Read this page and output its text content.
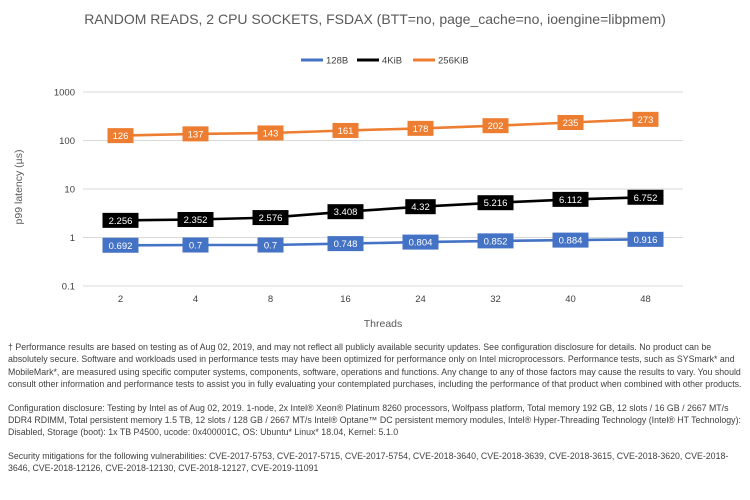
RANDOM READS, 2 CPU SOCKETS, FSDAX (BTT=no, page_cache=no, ioengine=libpmem)
128B	4KiB	256KiB
0.1
1
10
100
1000
2	4	8	16	24	32	40	48
0.692	0.7	0.7	0.748	0.804	0.852	0.884	0.916
2.256	2.352	2.576
3.408	4.32	5.216	6.112	6.752
126	137	143	161	178	202	235	273
p99 latency (µs)
Threads

† Performance results are based on testing as of Aug 02, 2019, and may not reflect all publicly available security updates. See configuration disclosure for details. No product can be absolutely secure. Software and workloads used in performance tests may have been optimized for performance only on Intel microprocessors. Performance tests, such as SYSmark* and MobileMark*, are measured using specific computer systems, components, software, operations and functions. Any change to any of those factors may cause the results to vary. You should consult other information and performance tests to assist you in fully evaluating your contemplated purchases, including the performance of that product when combined with other products.

Configuration disclosure: Testing by Intel as of Aug 02, 2019. 1-node, 2x Intel® Xeon® Platinum 8260 processors, Wolfpass platform, Total memory 192 GB, 12 slots / 16 GB / 2667 MT/s DDR4 RDIMM, Total persistent memory 1.5 TB, 12 slots / 128 GB / 2667 MT/s Intel® Optane™ DC persistent memory modules, Intel® Hyper-Threading Technology (Intel® HT Technology): Disabled, Storage (boot): 1x TB P4500, ucode: 0x400001C, OS: Ubuntu* Linux* 18.04, Kernel: 5.1.0

Security mitigations for the following vulnerabilities: CVE-2017-5753, CVE-2017-5715, CVE-2017-5754, CVE-2018-3640, CVE-2018-3639, CVE-2018-3615, CVE-2018-3620, CVE-2018-3646, CVE-2018-12126, CVE-2018-12130, CVE-2018-12127, CVE-2019-11091
